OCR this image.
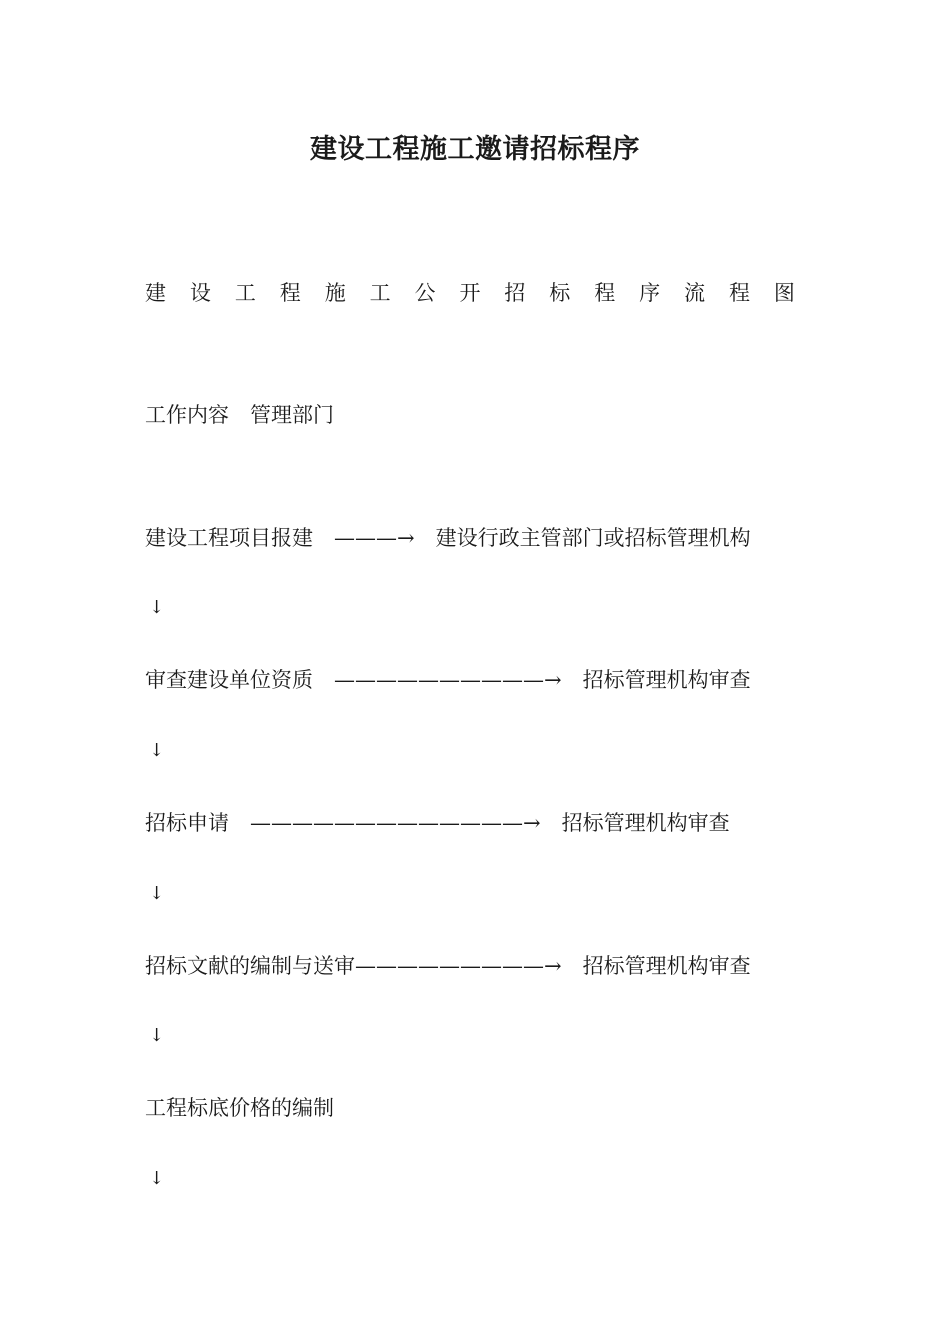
建设工程施工邀请招标程序
建 设 工 程 施 工 公 开 招 标 程 序 流 程 图
工作内容　管理部门
建设工程项目报建　———→　建设行政主管部门或招标管理机构
↓
审查建设单位资质　——————————→　招标管理机构审查
↓
招标申请　—————————————→　招标管理机构审查
↓
招标文献的编制与送审—————————→　招标管理机构审查
↓
工程标底价格的编制
↓
